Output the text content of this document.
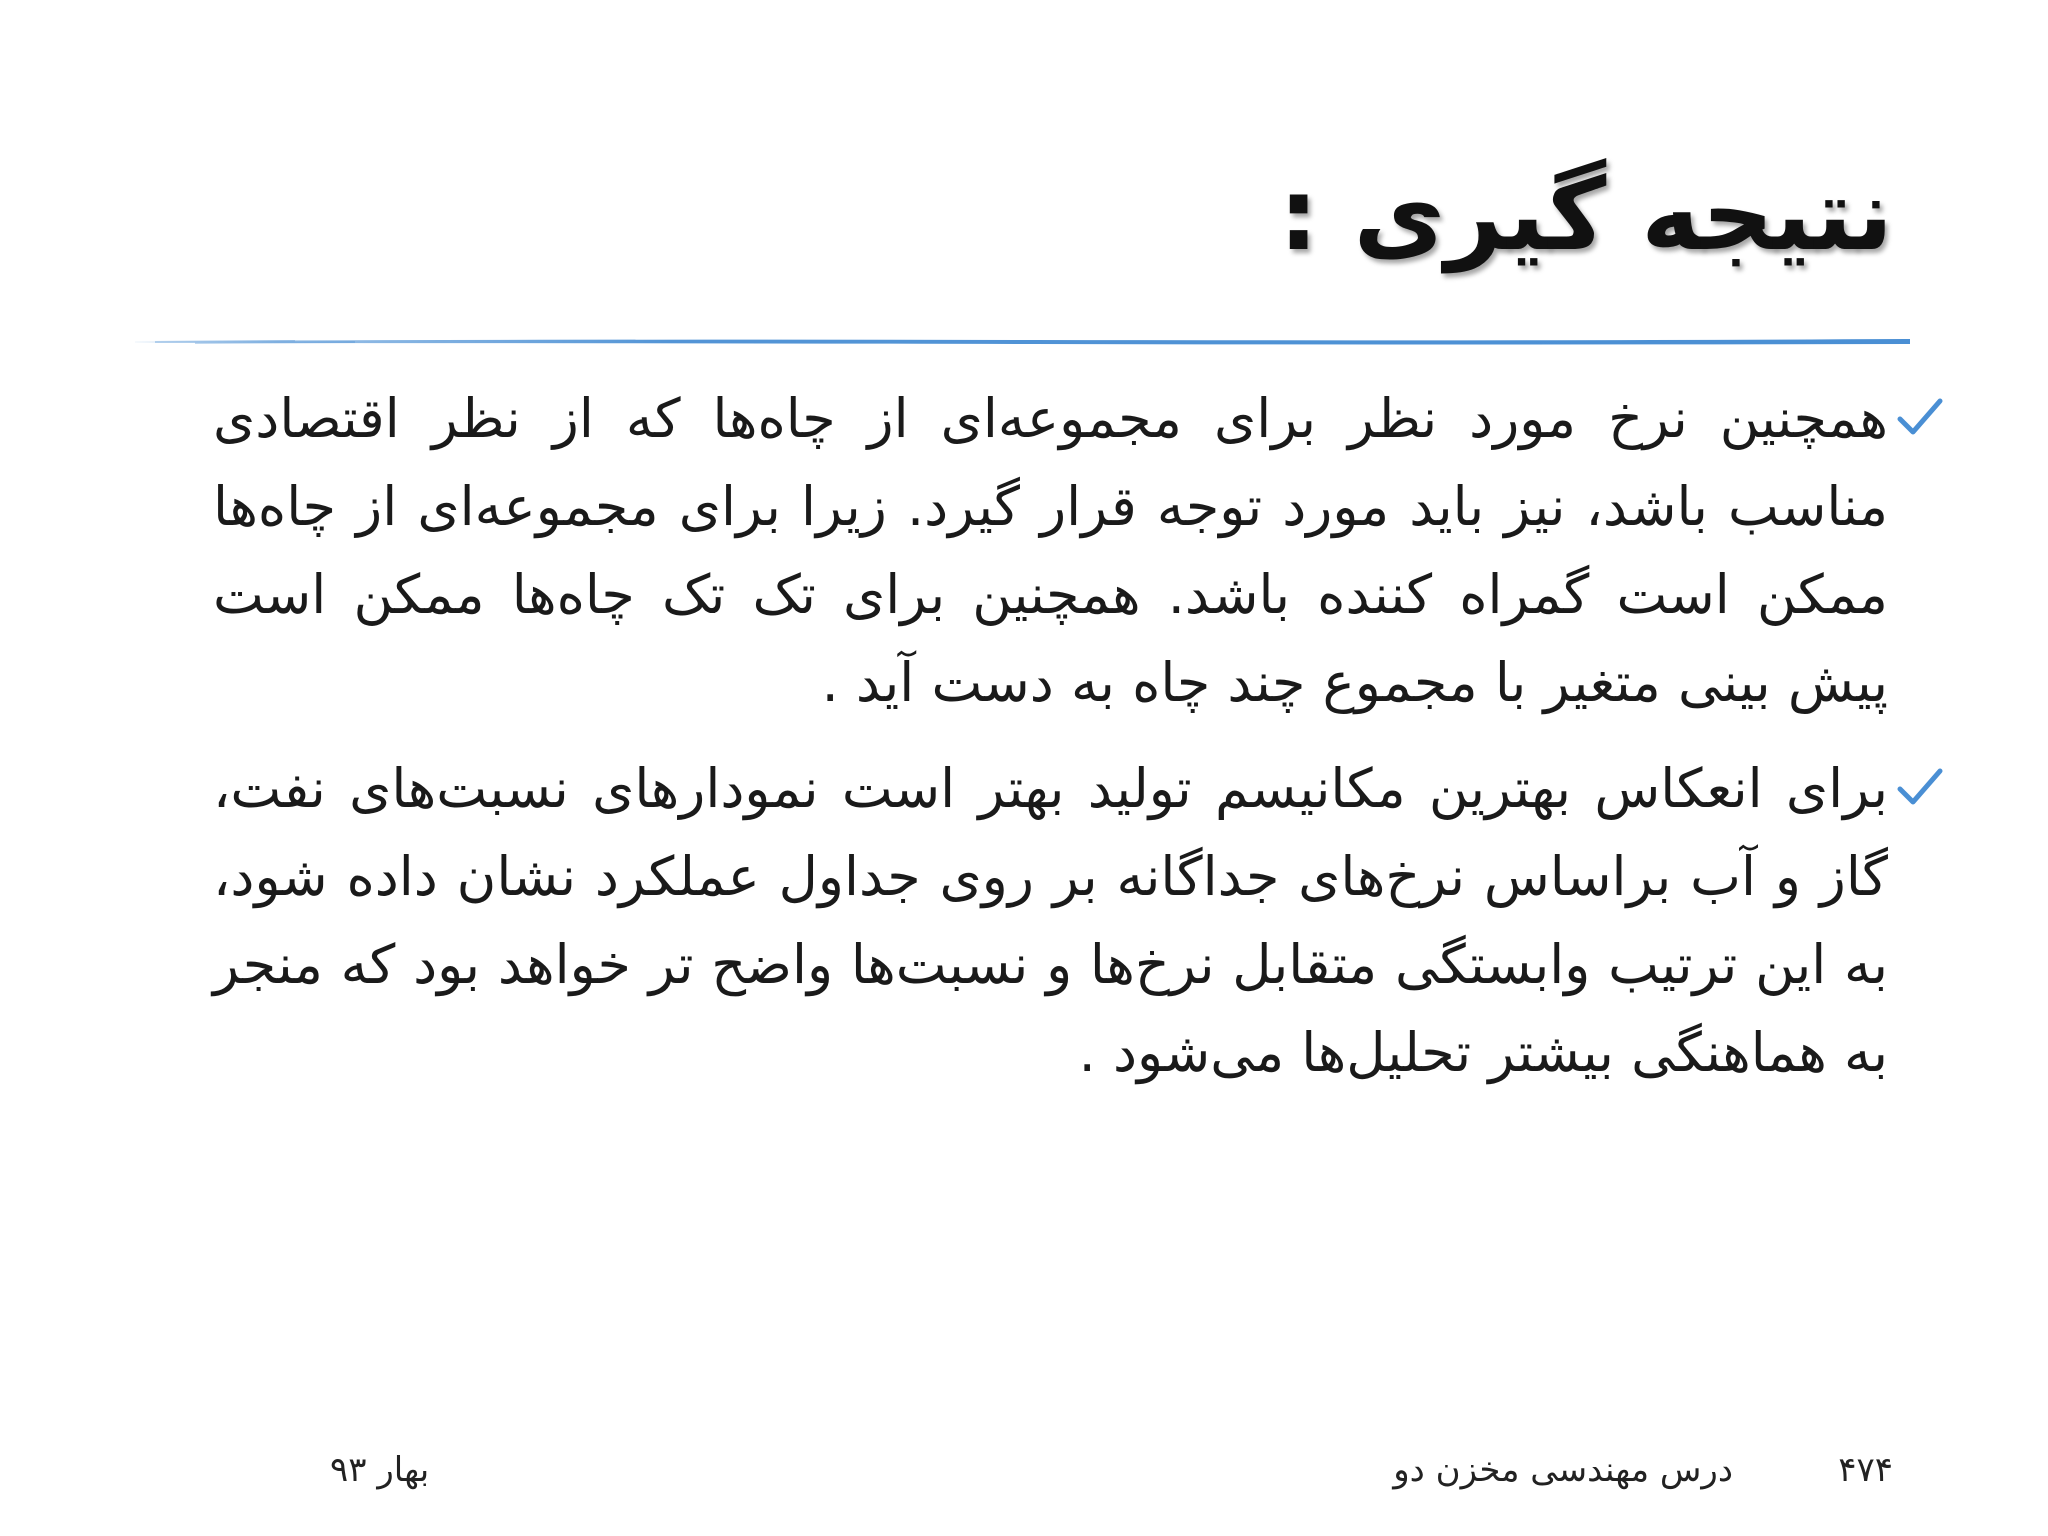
نتیجه گیری :
همچنین نرخ مورد نظر برای مجموعه‌ای از چاه‌ها که از نظر اقتصادی مناسب باشد، نیز باید مورد توجه قرار گیرد. زیرا برای مجموعه‌ای از چاه‌ها ممکن است گمراه کننده باشد. همچنین برای تک تک چاه‌ها ممکن است پیش بینی متغیر با مجموع چند چاه به دست آید .
برای انعکاس بهترین مکانیسم تولید بهتر است نمودارهای نسبت‌های نفت، گاز و آب براساس نرخ‌های جداگانه بر روی جداول عملکرد نشان داده شود، به این ترتیب وابستگی متقابل نرخ‌ها و نسبت‌ها واضح تر خواهد بود که منجر به هماهنگی بیشتر تحلیل‌ها می‌شود .
۴۷۴
درس مهندسی مخزن دو
بهار ۹۳
